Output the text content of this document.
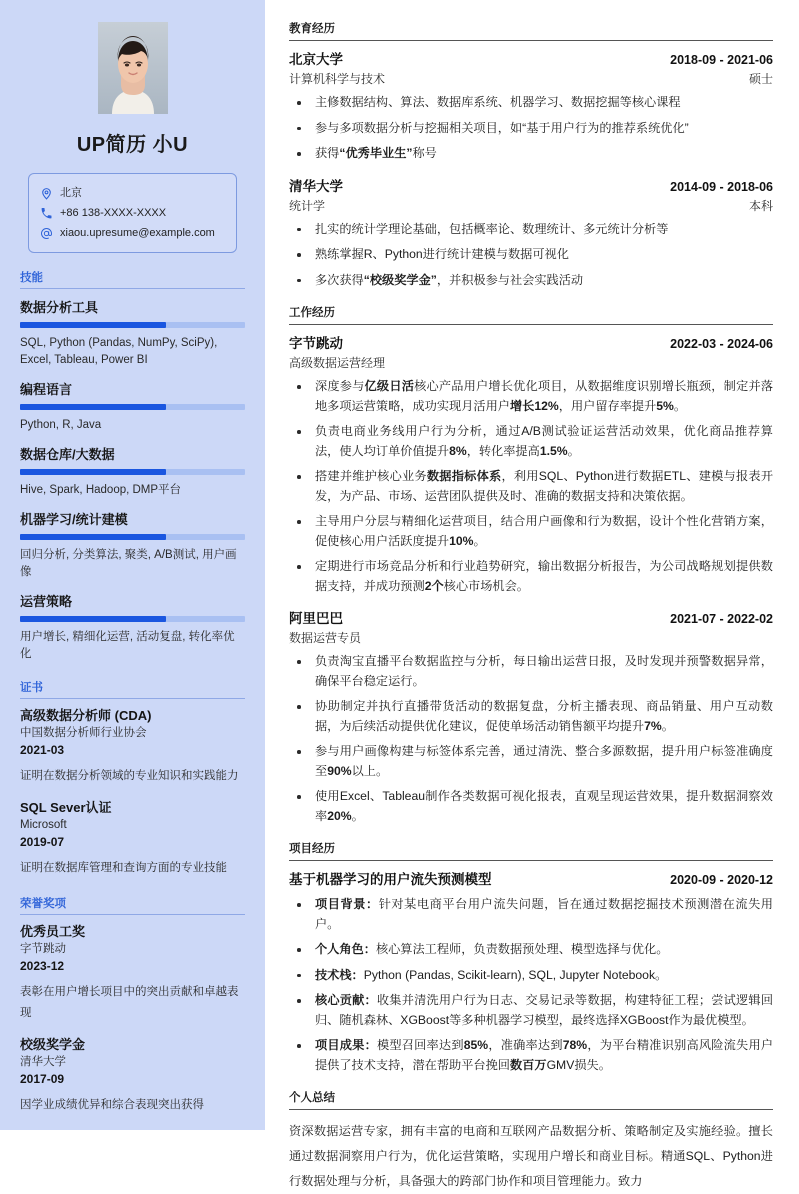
UP简历 小U
北京
+86 138-XXXX-XXXX
xiaou.upresume@example.com
技能
数据分析工具
SQL, Python (Pandas, NumPy, SciPy), Excel, Tableau, Power BI
编程语言
Python, R, Java
数据仓库/大数据
Hive, Spark, Hadoop, DMP平台
机器学习/统计建模
回归分析, 分类算法, 聚类, A/B测试, 用户画像
运营策略
用户增长, 精细化运营, 活动复盘, 转化率优化
证书
高级数据分析师 (CDA)
中国数据分析师行业协会
2021-03
证明在数据分析领域的专业知识和实践能力
SQL Sever认证
Microsoft
2019-07
证明在数据库管理和查询方面的专业技能
荣誉奖项
优秀员工奖
字节跳动
2023-12
表彰在用户增长项目中的突出贡献和卓越表现
校级奖学金
清华大学
2017-09
因学业成绩优异和综合表现突出获得
教育经历
北京大学	2018-09 - 2021-06
计算机科学与技术	硕士
主修数据结构、算法、数据库系统、机器学习、数据挖掘等核心课程
参与多项数据分析与挖掘相关项目，如“基于用户行为的推荐系统优化”
获得“优秀毕业生”称号
清华大学	2014-09 - 2018-06
统计学	本科
扎实的统计学理论基础，包括概率论、数理统计、多元统计分析等
熟练掌握R、Python进行统计建模与数据可视化
多次获得“校级奖学金”，并积极参与社会实践活动
工作经历
字节跳动	2022-03 - 2024-06
高级数据运营经理
深度参与亿级日活核心产品用户增长优化项目，从数据维度识别增长瓶颈，制定并落地多项运营策略，成功实现月活用户增长12%，用户留存率提升5%。
负责电商业务线用户行为分析，通过A/B测试验证运营活动效果，优化商品推荐算法，使人均订单价值提升8%，转化率提高1.5%。
搭建并维护核心业务数据指标体系，利用SQL、Python进行数据ETL、建模与报表开发，为产品、市场、运营团队提供及时、准确的数据支持和决策依据。
主导用户分层与精细化运营项目，结合用户画像和行为数据，设计个性化营销方案，促使核心用户活跃度提升10%。
定期进行市场竞品分析和行业趋势研究，输出数据分析报告，为公司战略规划提供数据支持，并成功预测2个核心市场机会。
阿里巴巴	2021-07 - 2022-02
数据运营专员
负责淘宝直播平台数据监控与分析，每日输出运营日报，及时发现并预警数据异常，确保平台稳定运行。
协助制定并执行直播带货活动的数据复盘，分析主播表现、商品销量、用户互动数据，为后续活动提供优化建议，促使单场活动销售额平均提升7%。
参与用户画像构建与标签体系完善，通过清洗、整合多源数据，提升用户标签准确度至90%以上。
使用Excel、Tableau制作各类数据可视化报表，直观呈现运营效果，提升数据洞察效率20%。
项目经历
基于机器学习的用户流失预测模型	2020-09 - 2020-12
项目背景：针对某电商平台用户流失问题，旨在通过数据挖掘技术预测潜在流失用户。
个人角色：核心算法工程师，负责数据预处理、模型选择与优化。
技术栈：Python (Pandas, Scikit-learn), SQL, Jupyter Notebook。
核心贡献：收集并清洗用户行为日志、交易记录等数据，构建特征工程；尝试逻辑回归、随机森林、XGBoost等多种机器学习模型，最终选择XGBoost作为最优模型。
项目成果：模型召回率达到85%，准确率达到78%，为平台精准识别高风险流失用户提供了技术支持，潜在帮助平台挽回数百万GMV损失。
个人总结
资深数据运营专家，拥有丰富的电商和互联网产品数据分析、策略制定及实施经验。擅长通过数据洞察用户行为，优化运营策略，实现用户增长和商业目标。精通SQL、Python进行数据处理与分析，具备强大的跨部门协作和项目管理能力。致力
